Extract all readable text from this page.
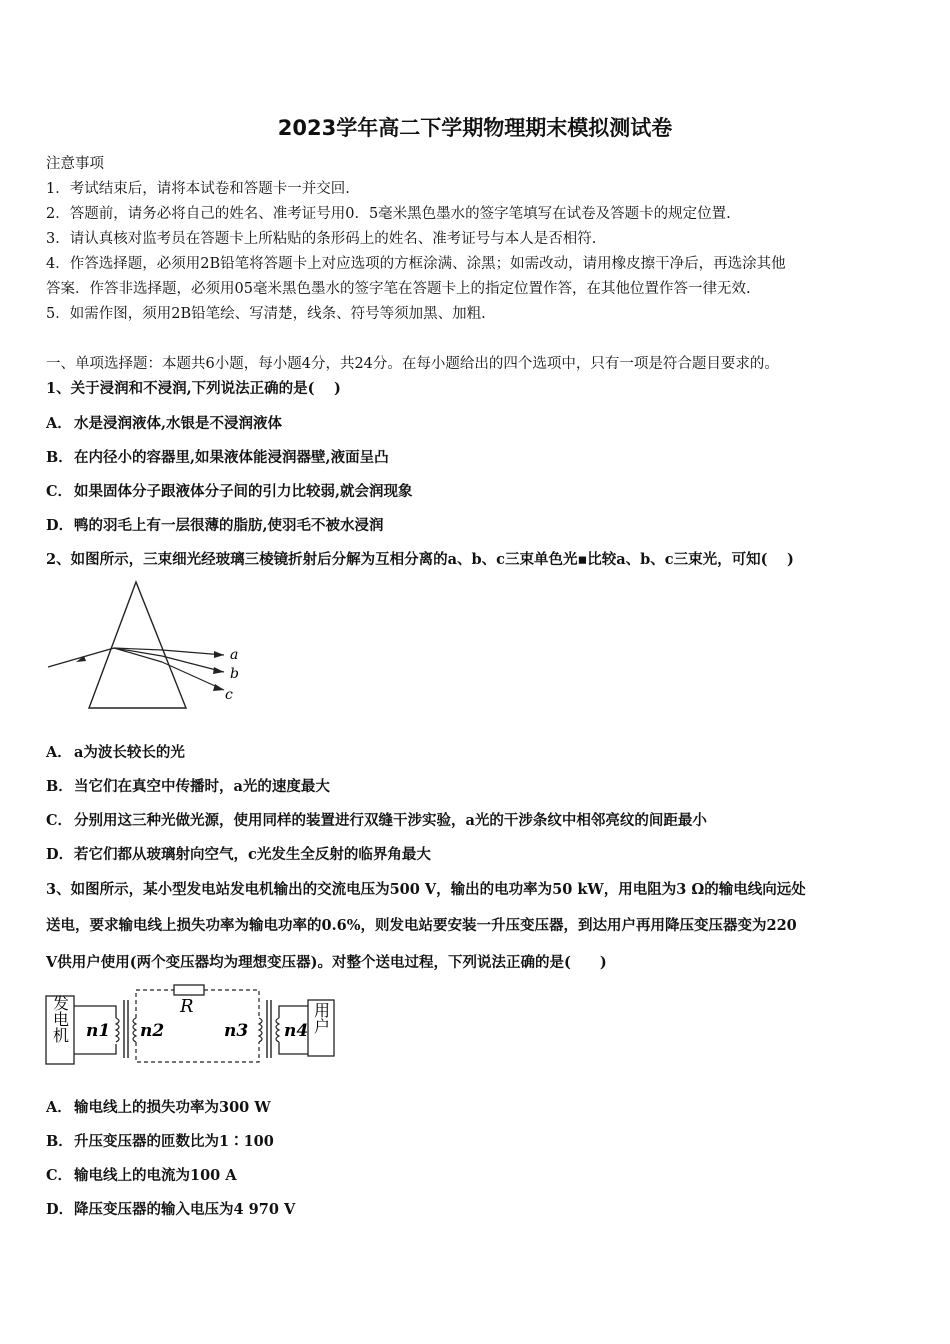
2023学年高二下学期物理期末模拟测试卷
注意事项
1．考试结束后，请将本试卷和答题卡一并交回.
2．答题前，请务必将自己的姓名、准考证号用0．5毫米黑色墨水的签字笔填写在试卷及答题卡的规定位置.
3．请认真核对监考员在答题卡上所粘贴的条形码上的姓名、准考证号与本人是否相符.
4．作答选择题，必须用2B铅笔将答题卡上对应选项的方框涂满、涂黑；如需改动，请用橡皮擦干净后，再选涂其他
答案．作答非选择题，必须用05毫米黑色墨水的签字笔在答题卡上的指定位置作答，在其他位置作答一律无效.
5．如需作图，须用2B铅笔绘、写清楚，线条、符号等须加黑、加粗.
一、单项选择题：本题共6小题，每小题4分，共24分。在每小题给出的四个选项中，只有一项是符合题目要求的。
1、关于浸润和不浸润,下列说法正确的是(　 )
A． 水是浸润液体,水银是不浸润液体
B．在内径小的容器里,如果液体能浸润器壁,液面呈凸
C． 如果固体分子跟液体分子间的引力比较弱,就会润现象
D．鸭的羽毛上有一层很薄的脂肪,使羽毛不被水浸润
2、如图所示，三束细光经玻璃三棱镜折射后分解为互相分离的a、b、c三束单色光▪比较a、b、c三束光，可知(　 )
a
b
c
A． a为波长较长的光
B．当它们在真空中传播时，a光的速度最大
C． 分别用这三种光做光源，使用同样的装置进行双缝干涉实验，a光的干涉条纹中相邻亮纹的间距最小
D．若它们都从玻璃射向空气，c光发生全反射的临界角最大
3、如图所示，某小型发电站发电机输出的交流电压为500 V，输出的电功率为50 kW，用电阻为3 Ω的输电线向远处
送电，要求输电线上损失功率为输电功率的0.6%，则发电站要安装一升压变压器，到达用户再用降压变压器变为220
V供用户使用(两个变压器均为理想变压器)。对整个送电过程，下列说法正确的是(　　)
发电机 n1 n2
R
n3 n4 用户
A． 输电线上的损失功率为300 W
B．升压变压器的匝数比为1∶100
C． 输电线上的电流为100 A
D．降压变压器的输入电压为4 970 V
